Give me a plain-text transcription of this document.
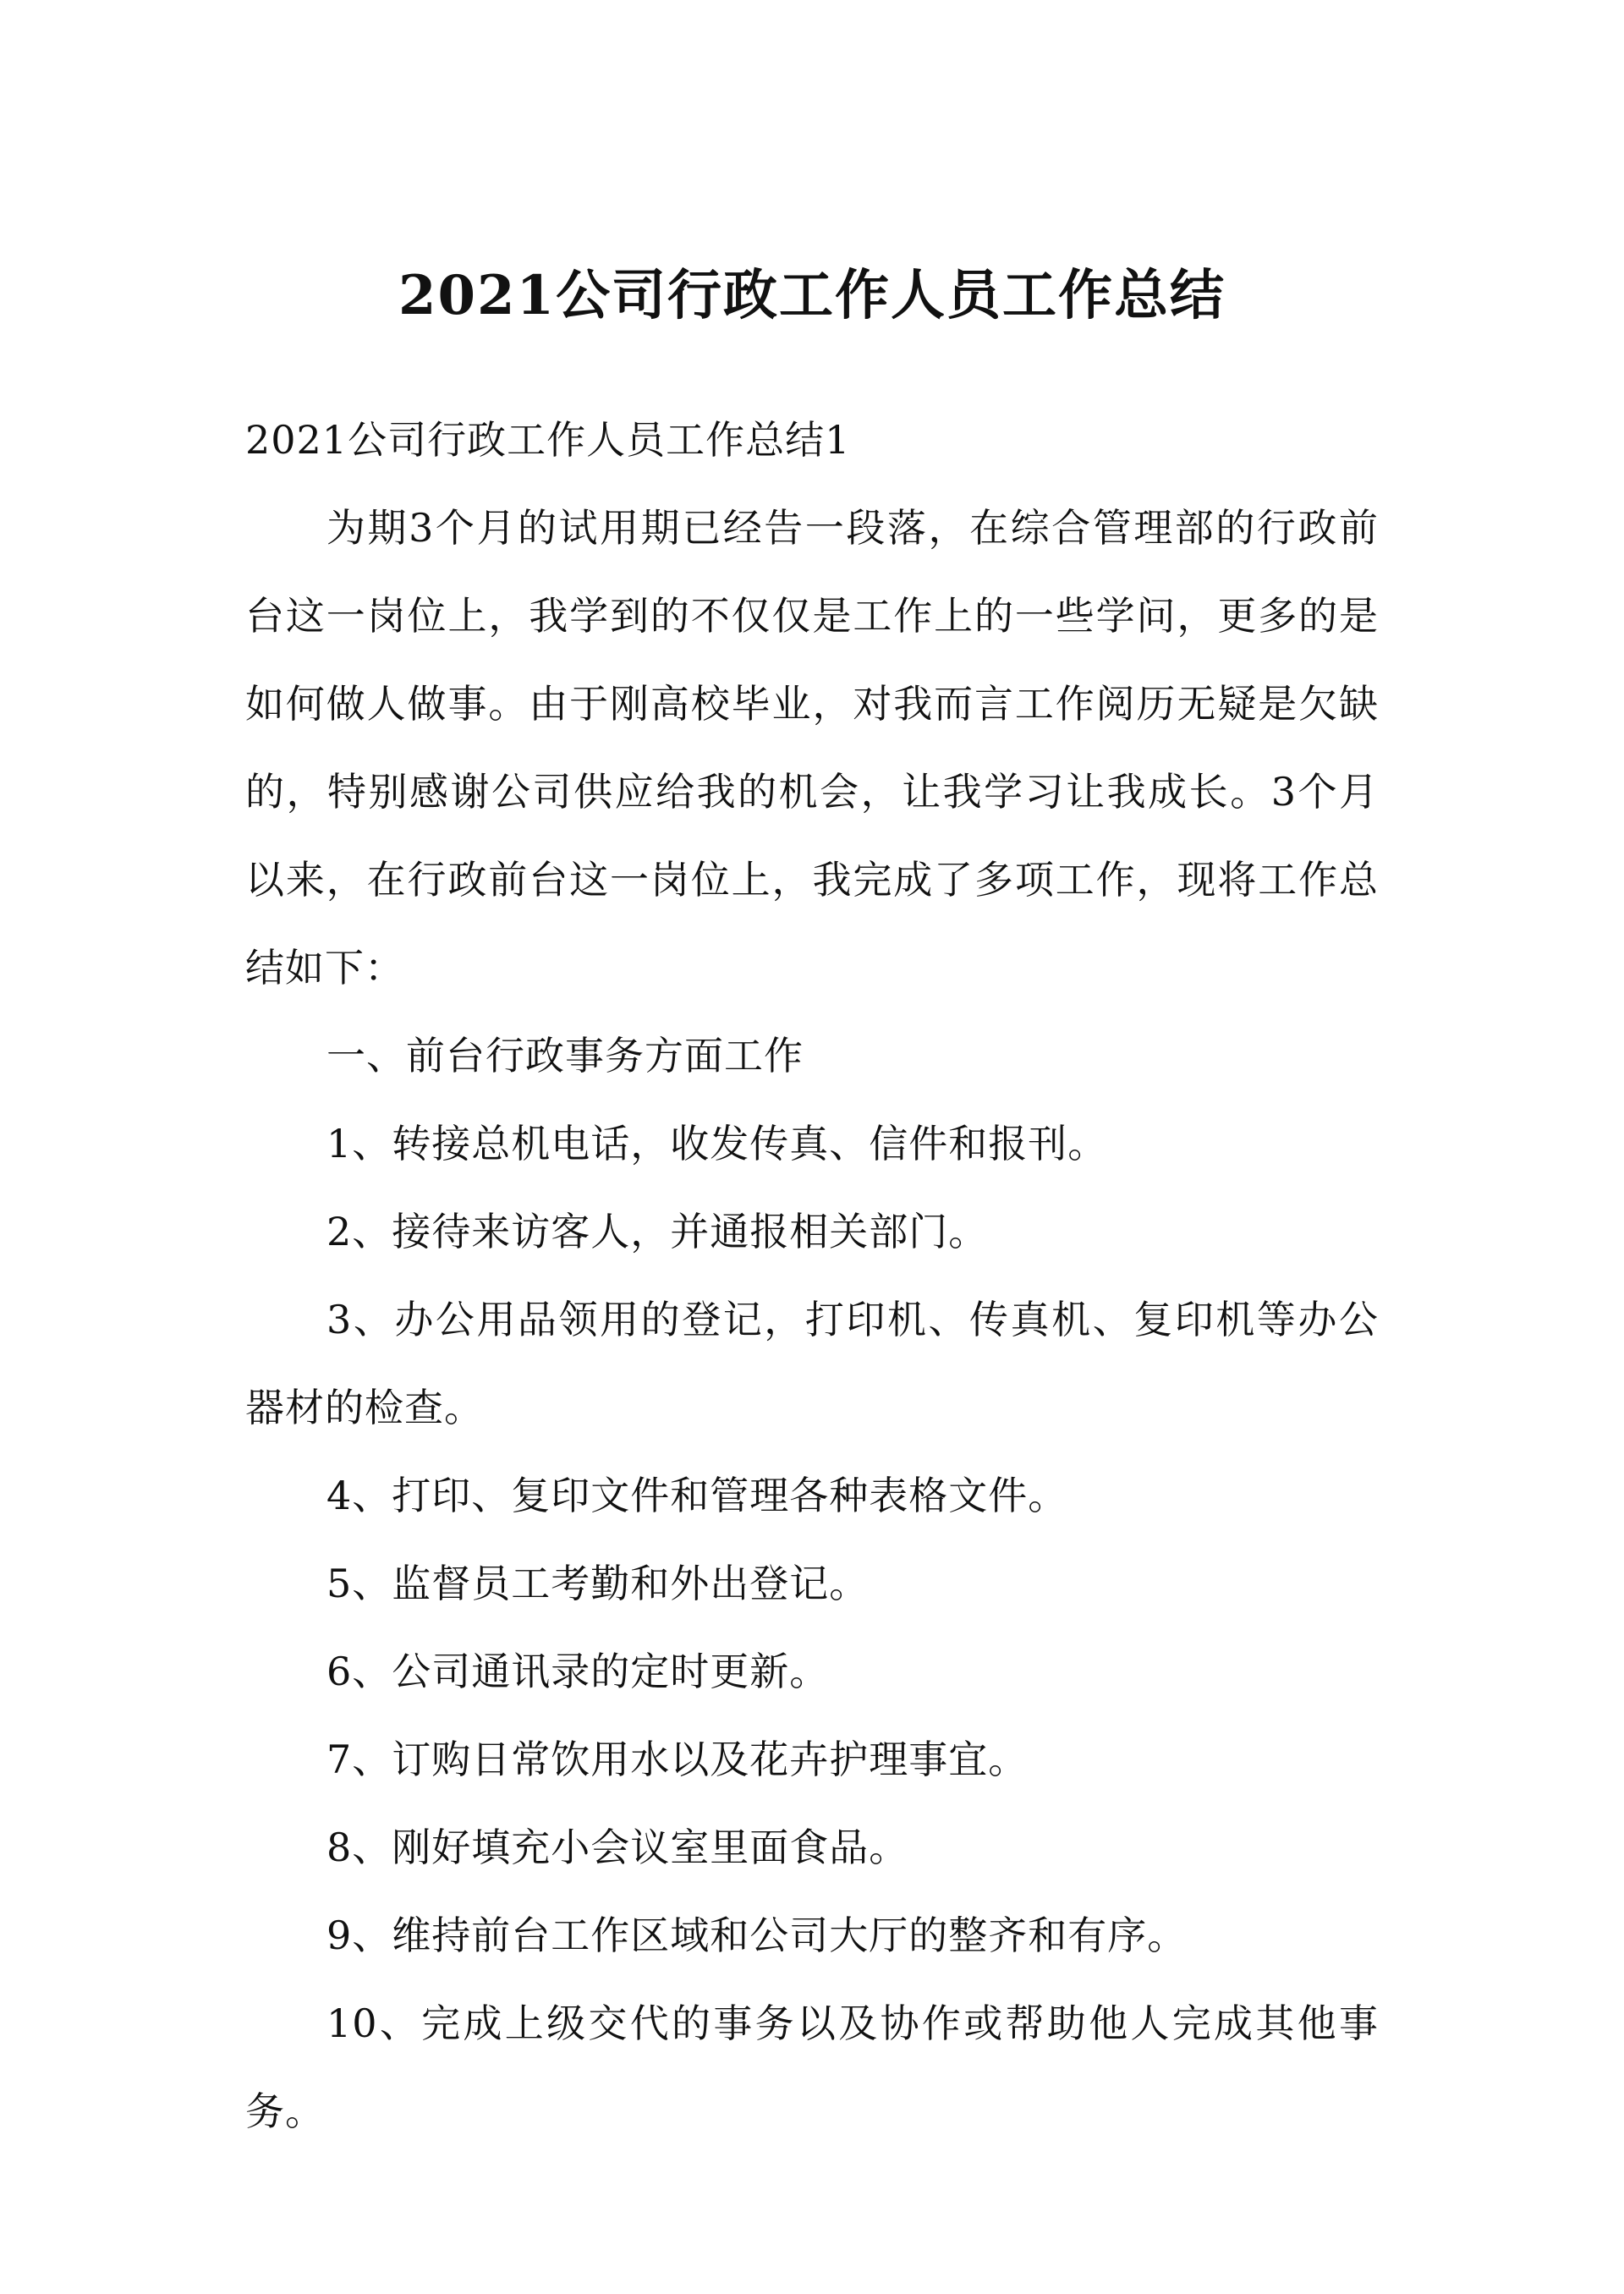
2021公司行政工作人员工作总结

2021公司行政工作人员工作总结1

为期3个月的试用期已经告一段落，在综合管理部的行政前台这一岗位上，我学到的不仅仅是工作上的一些学问，更多的是如何做人做事。由于刚高校毕业，对我而言工作阅历无疑是欠缺的，特别感谢公司供应给我的机会，让我学习让我成长。3个月以来，在行政前台这一岗位上，我完成了多项工作，现将工作总结如下：

一、前台行政事务方面工作

1、转接总机电话，收发传真、信件和报刊。

2、接待来访客人，并通报相关部门。

3、办公用品领用的登记，打印机、传真机、复印机等办公器材的检查。

4、打印、复印文件和管理各种表格文件。

5、监督员工考勤和外出登记。

6、公司通讯录的定时更新。

7、订购日常饮用水以及花卉护理事宜。

8、刚好填充小会议室里面食品。

9、维持前台工作区域和公司大厅的整齐和有序。

10、完成上级交代的事务以及协作或帮助他人完成其他事务。
